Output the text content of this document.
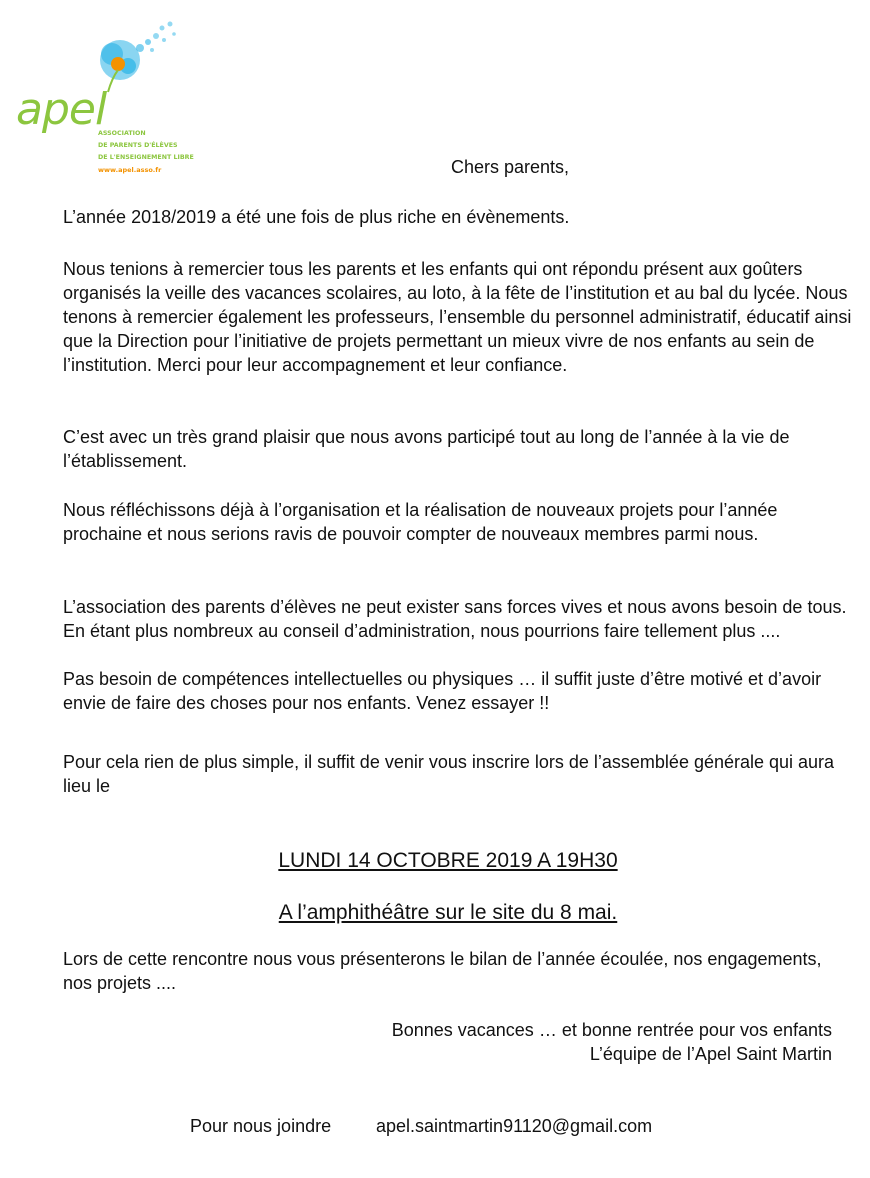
apel
ASSOCIATION
DE PARENTS D'ÉLÈVES
DE L'ENSEIGNEMENT LIBRE
www.apel.asso.fr	Chers parents,

L’année 2018/2019 a été une fois de plus riche en évènements.

Nous tenions à remercier tous les parents et les enfants qui ont répondu présent aux goûters organisés la veille des vacances scolaires, au loto, à la fête de l’institution et au bal du lycée. Nous tenons à remercier également les professeurs, l’ensemble du personnel administratif, éducatif ainsi que la Direction pour l’initiative de projets permettant un mieux vivre de nos enfants au sein de l’institution. Merci pour leur accompagnement et leur confiance.

C’est avec un très grand plaisir que nous avons participé tout au long de l’année à la vie de l’établissement.

Nous réfléchissons déjà à l’organisation et la réalisation de nouveaux projets pour l’année prochaine et nous serions ravis de pouvoir compter de nouveaux membres parmi nous.

L’association des parents d’élèves ne peut exister sans forces vives et nous avons besoin de tous. En étant plus nombreux au conseil d’administration, nous pourrions faire tellement plus ....

Pas besoin de compétences intellectuelles ou physiques … il suffit juste d’être motivé et d’avoir envie de faire des choses pour nos enfants. Venez essayer !!

Pour cela rien de plus simple, il suffit de venir vous inscrire lors de l’assemblée générale qui aura lieu le

LUNDI 14 OCTOBRE 2019 A 19H30
A l’amphithéâtre sur le site du 8 mai.

Lors de cette rencontre nous vous présenterons le bilan de l’année écoulée, nos engagements, nos projets ....

Bonnes vacances … et bonne rentrée pour vos enfants
L’équipe de l’Apel Saint Martin
Pour nous joindre apel.saintmartin91120@gmail.com
